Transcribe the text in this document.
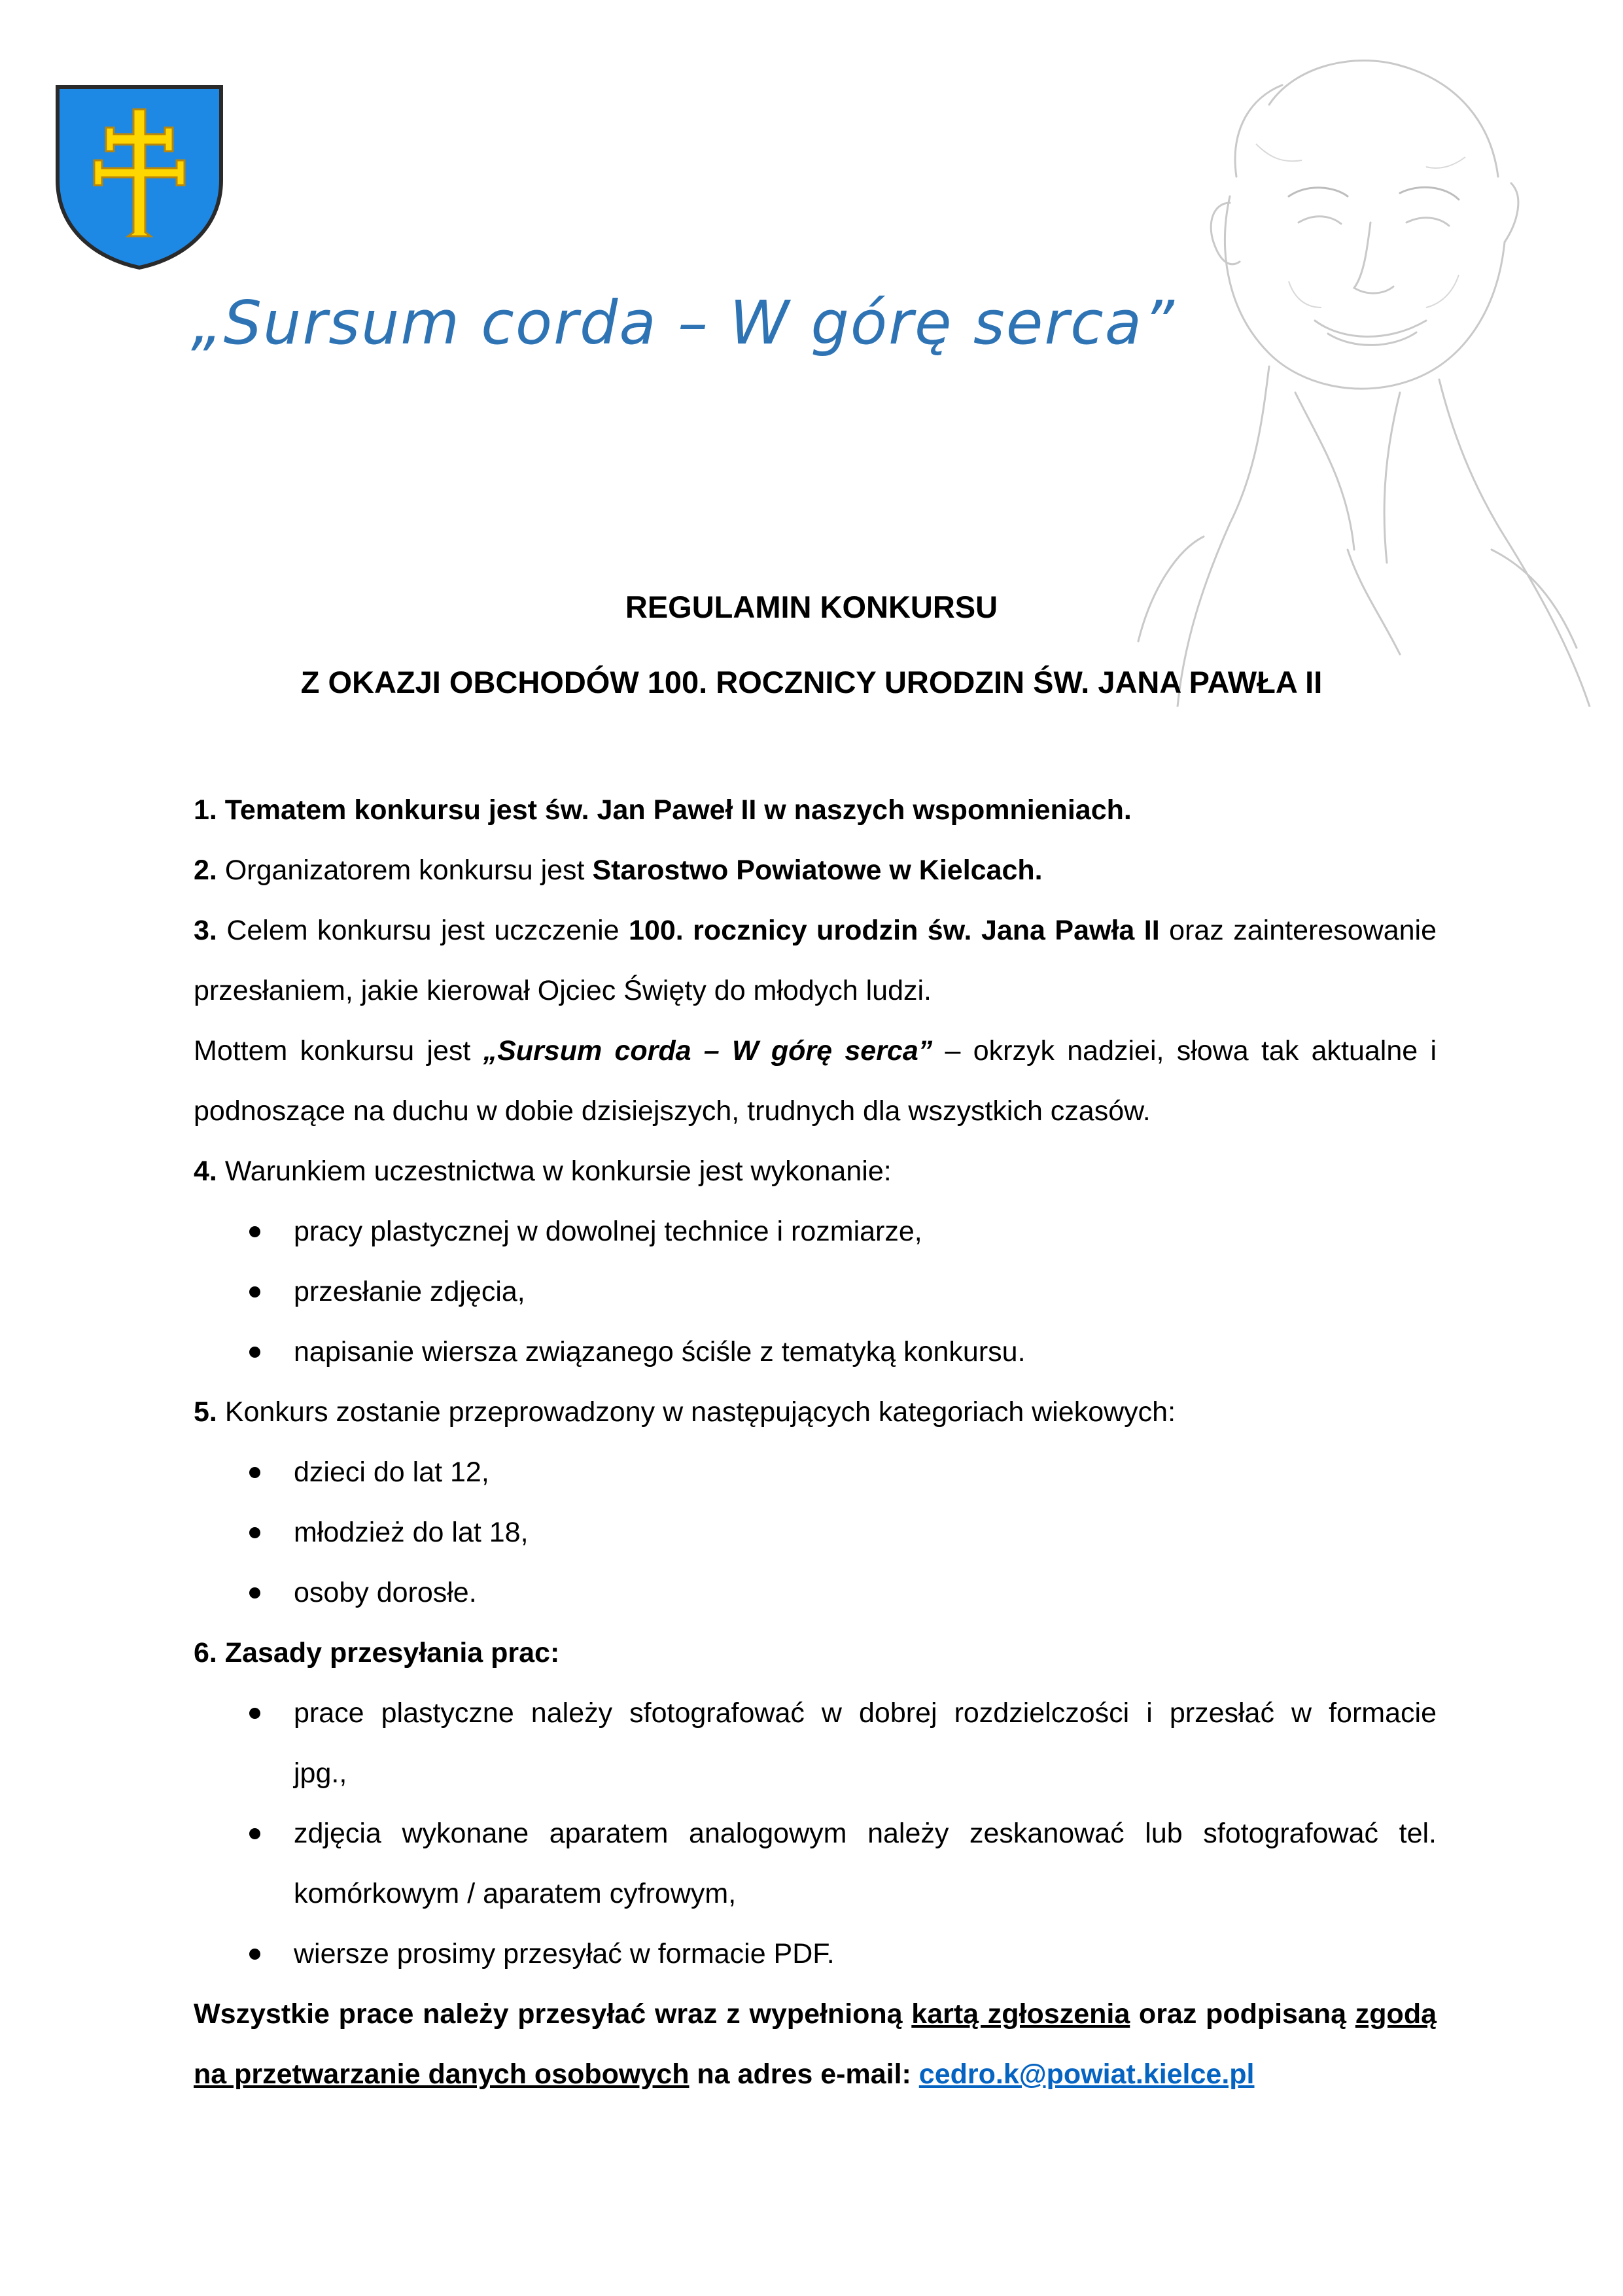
„Sursum corda – W górę serca”
REGULAMIN KONKURSU
Z OKAZJI OBCHODÓW 100. ROCZNICY URODZIN ŚW. JANA PAWŁA II

1. Tematem konkursu jest św. Jan Paweł II w naszych wspomnieniach.

2. Organizatorem konkursu jest Starostwo Powiatowe w Kielcach.

3. Celem konkursu jest uczczenie 100. rocznicy urodzin św. Jana Pawła II oraz zainteresowanie przesłaniem, jakie kierował Ojciec Święty do młodych ludzi.

Mottem konkursu jest „Sursum corda – W górę serca” – okrzyk nadziei, słowa tak aktualne i podnoszące na duchu w dobie dzisiejszych, trudnych dla wszystkich czasów.

4. Warunkiem uczestnictwa w konkursie jest wykonanie:

pracy plastycznej w dowolnej technice i rozmiarze,
przesłanie zdjęcia,
napisanie wiersza związanego ściśle z tematyką konkursu.

5. Konkurs zostanie przeprowadzony w następujących kategoriach wiekowych:

dzieci do lat 12,
młodzież do lat 18,
osoby dorosłe.

6. Zasady przesyłania prac:

prace plastyczne należy sfotografować w dobrej rozdzielczości i przesłać w formacie
jpg.,
zdjęcia wykonane aparatem analogowym należy zeskanować lub sfotografować tel.
komórkowym / aparatem cyfrowym,
wiersze prosimy przesyłać w formacie PDF.

Wszystkie prace należy przesyłać wraz z wypełnioną kartą zgłoszenia oraz podpisaną zgodą na przetwarzanie danych osobowych na adres e-mail: cedro.k@powiat.kielce.pl
